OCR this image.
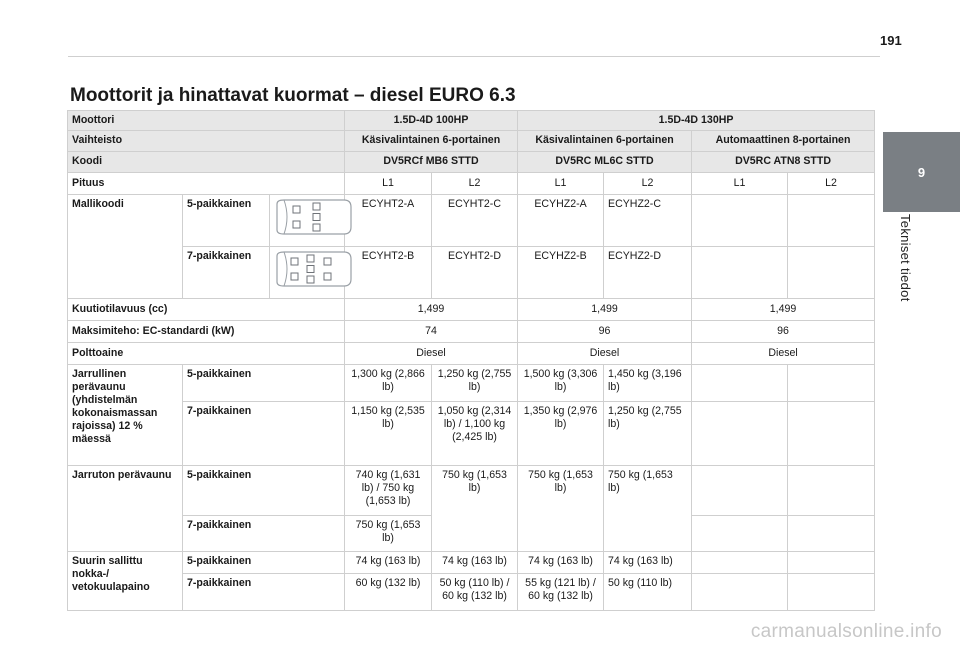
191
9
Tekniset tiedot
Moottorit ja hinattavat kuormat – diesel EURO 6.3
Moottori			1.5D-4D 100HP		1.5D-4D 130HP			
Vaihteisto			Käsivalintainen 6-portainen		Käsivalintainen 6-portainen		Automaattinen 8-portainen	
Koodi			DV5RCf MB6 STTD		DV5RC ML6C STTD		DV5RC ATN8 STTD	
Pituus			L1	L2	L1	L2	L1	L2
Mallikoodi	5-paikkainen		ECYHT2-A	ECYHT2-C	ECYHZ2-A	ECYHZ2-C		
	7-paikkainen		ECYHT2-B	ECYHT2-D	ECYHZ2-B	ECYHZ2-D		
Kuutiotilavuus (cc)			1,499		1,499		1,499	
Maksimiteho: EC-standardi (kW)			74		96		96	
Polttoaine			Diesel		Diesel		Diesel	
Jarrullinen perävaunu (yhdistelmän kokonaismassan rajoissa) 12 % mäessä	5-paikkainen		1,300 kg (2,866 lb)	1,250 kg (2,755 lb)	1,500 kg (3,306 lb)	1,450 kg (3,196 lb)		
	7-paikkainen		1,150 kg (2,535 lb)	1,050 kg (2,314 lb) / 1,100 kg (2,425 lb)	1,350 kg (2,976 lb)	1,250 kg (2,755 lb)		
Jarruton perävaunu	5-paikkainen		740 kg (1,631 lb) / 750 kg (1,653 lb)	750 kg (1,653 lb)	750 kg (1,653 lb)	750 kg (1,653 lb)		
	7-paikkainen		750 kg (1,653 lb)					
Suurin sallittu nokka-/ vetokuulapaino	5-paikkainen		74 kg (163 lb)	74 kg (163 lb)	74 kg (163 lb)	74 kg (163 lb)		
	7-paikkainen		60 kg (132 lb)	50 kg (110 lb) / 60 kg (132 lb)	55 kg (121 lb) / 60 kg (132 lb)	50 kg (110 lb)		
carmanualsonline.info
